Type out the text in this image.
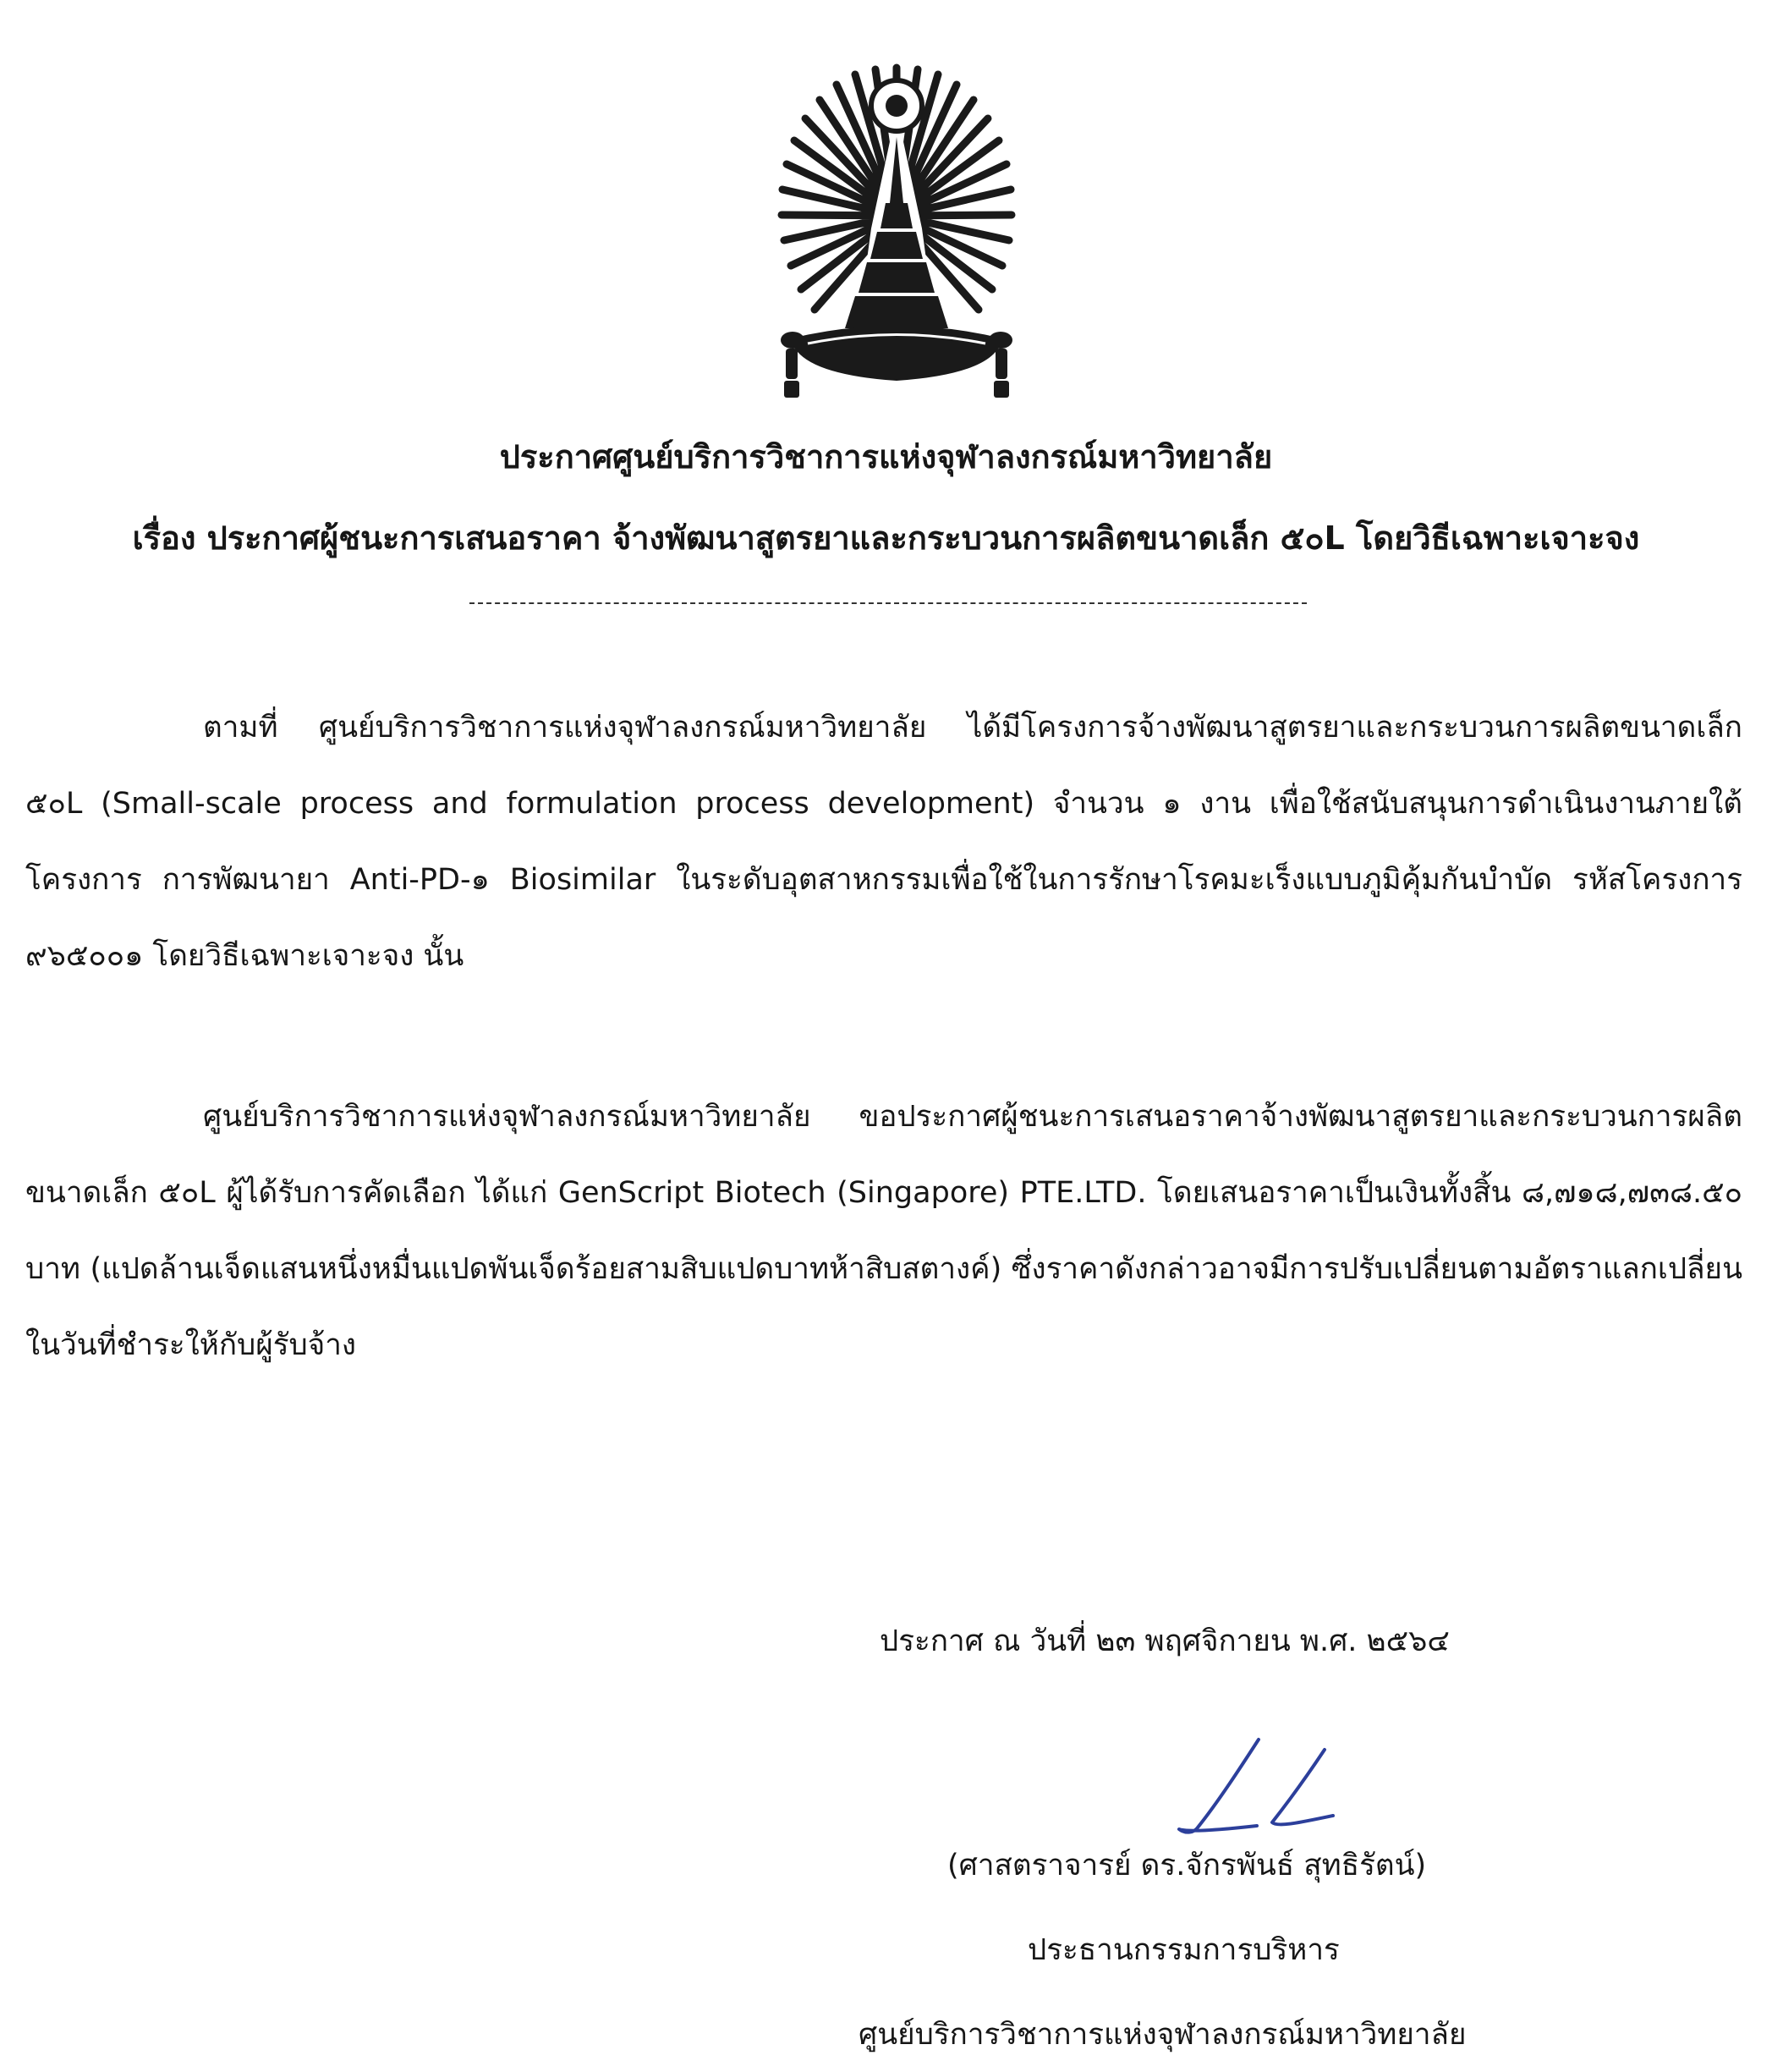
ประกาศศูนย์บริการวิชาการแห่งจุฬาลงกรณ์มหาวิทยาลัย
เรื่อง ประกาศผู้ชนะการเสนอราคา จ้างพัฒนาสูตรยาและกระบวนการผลิตขนาดเล็ก ๕๐L โดยวิธีเฉพาะเจาะจง

ตามที่ ศูนย์บริการวิชาการแห่งจุฬาลงกรณ์มหาวิทยาลัย ได้มีโครงการจ้างพัฒนาสูตรยาและกระบวนการผลิตขนาดเล็ก ๕๐L (Small-scale process and formulation process development) จำนวน ๑ งาน เพื่อใช้สนับสนุนการดำเนินงานภายใต้โครงการ การพัฒนายา Anti-PD-๑ Biosimilar ในระดับอุตสาหกรรมเพื่อใช้ในการรักษาโรคมะเร็งแบบภูมิคุ้มกันบำบัด รหัสโครงการ ๙๖๕๐๐๑ โดยวิธีเฉพาะเจาะจง นั้น

ศูนย์บริการวิชาการแห่งจุฬาลงกรณ์มหาวิทยาลัย ขอประกาศผู้ชนะการเสนอราคาจ้างพัฒนาสูตรยาและกระบวนการผลิตขนาดเล็ก ๕๐L ผู้ได้รับการคัดเลือก ได้แก่ GenScript Biotech (Singapore) PTE.LTD. โดยเสนอราคาเป็นเงินทั้งสิ้น ๘,๗๑๘,๗๓๘.๕๐ บาท (แปดล้านเจ็ดแสนหนึ่งหมื่นแปดพันเจ็ดร้อยสามสิบแปดบาทห้าสิบสตางค์) ซึ่งราคาดังกล่าวอาจมีการปรับเปลี่ยนตามอัตราแลกเปลี่ยนในวันที่ชำระให้กับผู้รับจ้าง

ประกาศ ณ วันที่ ๒๓ พฤศจิกายน พ.ศ. ๒๕๖๔
(ศาสตราจารย์ ดร.จักรพันธ์ สุทธิรัตน์)
ประธานกรรมการบริหาร
ศูนย์บริการวิชาการแห่งจุฬาลงกรณ์มหาวิทยาลัย
